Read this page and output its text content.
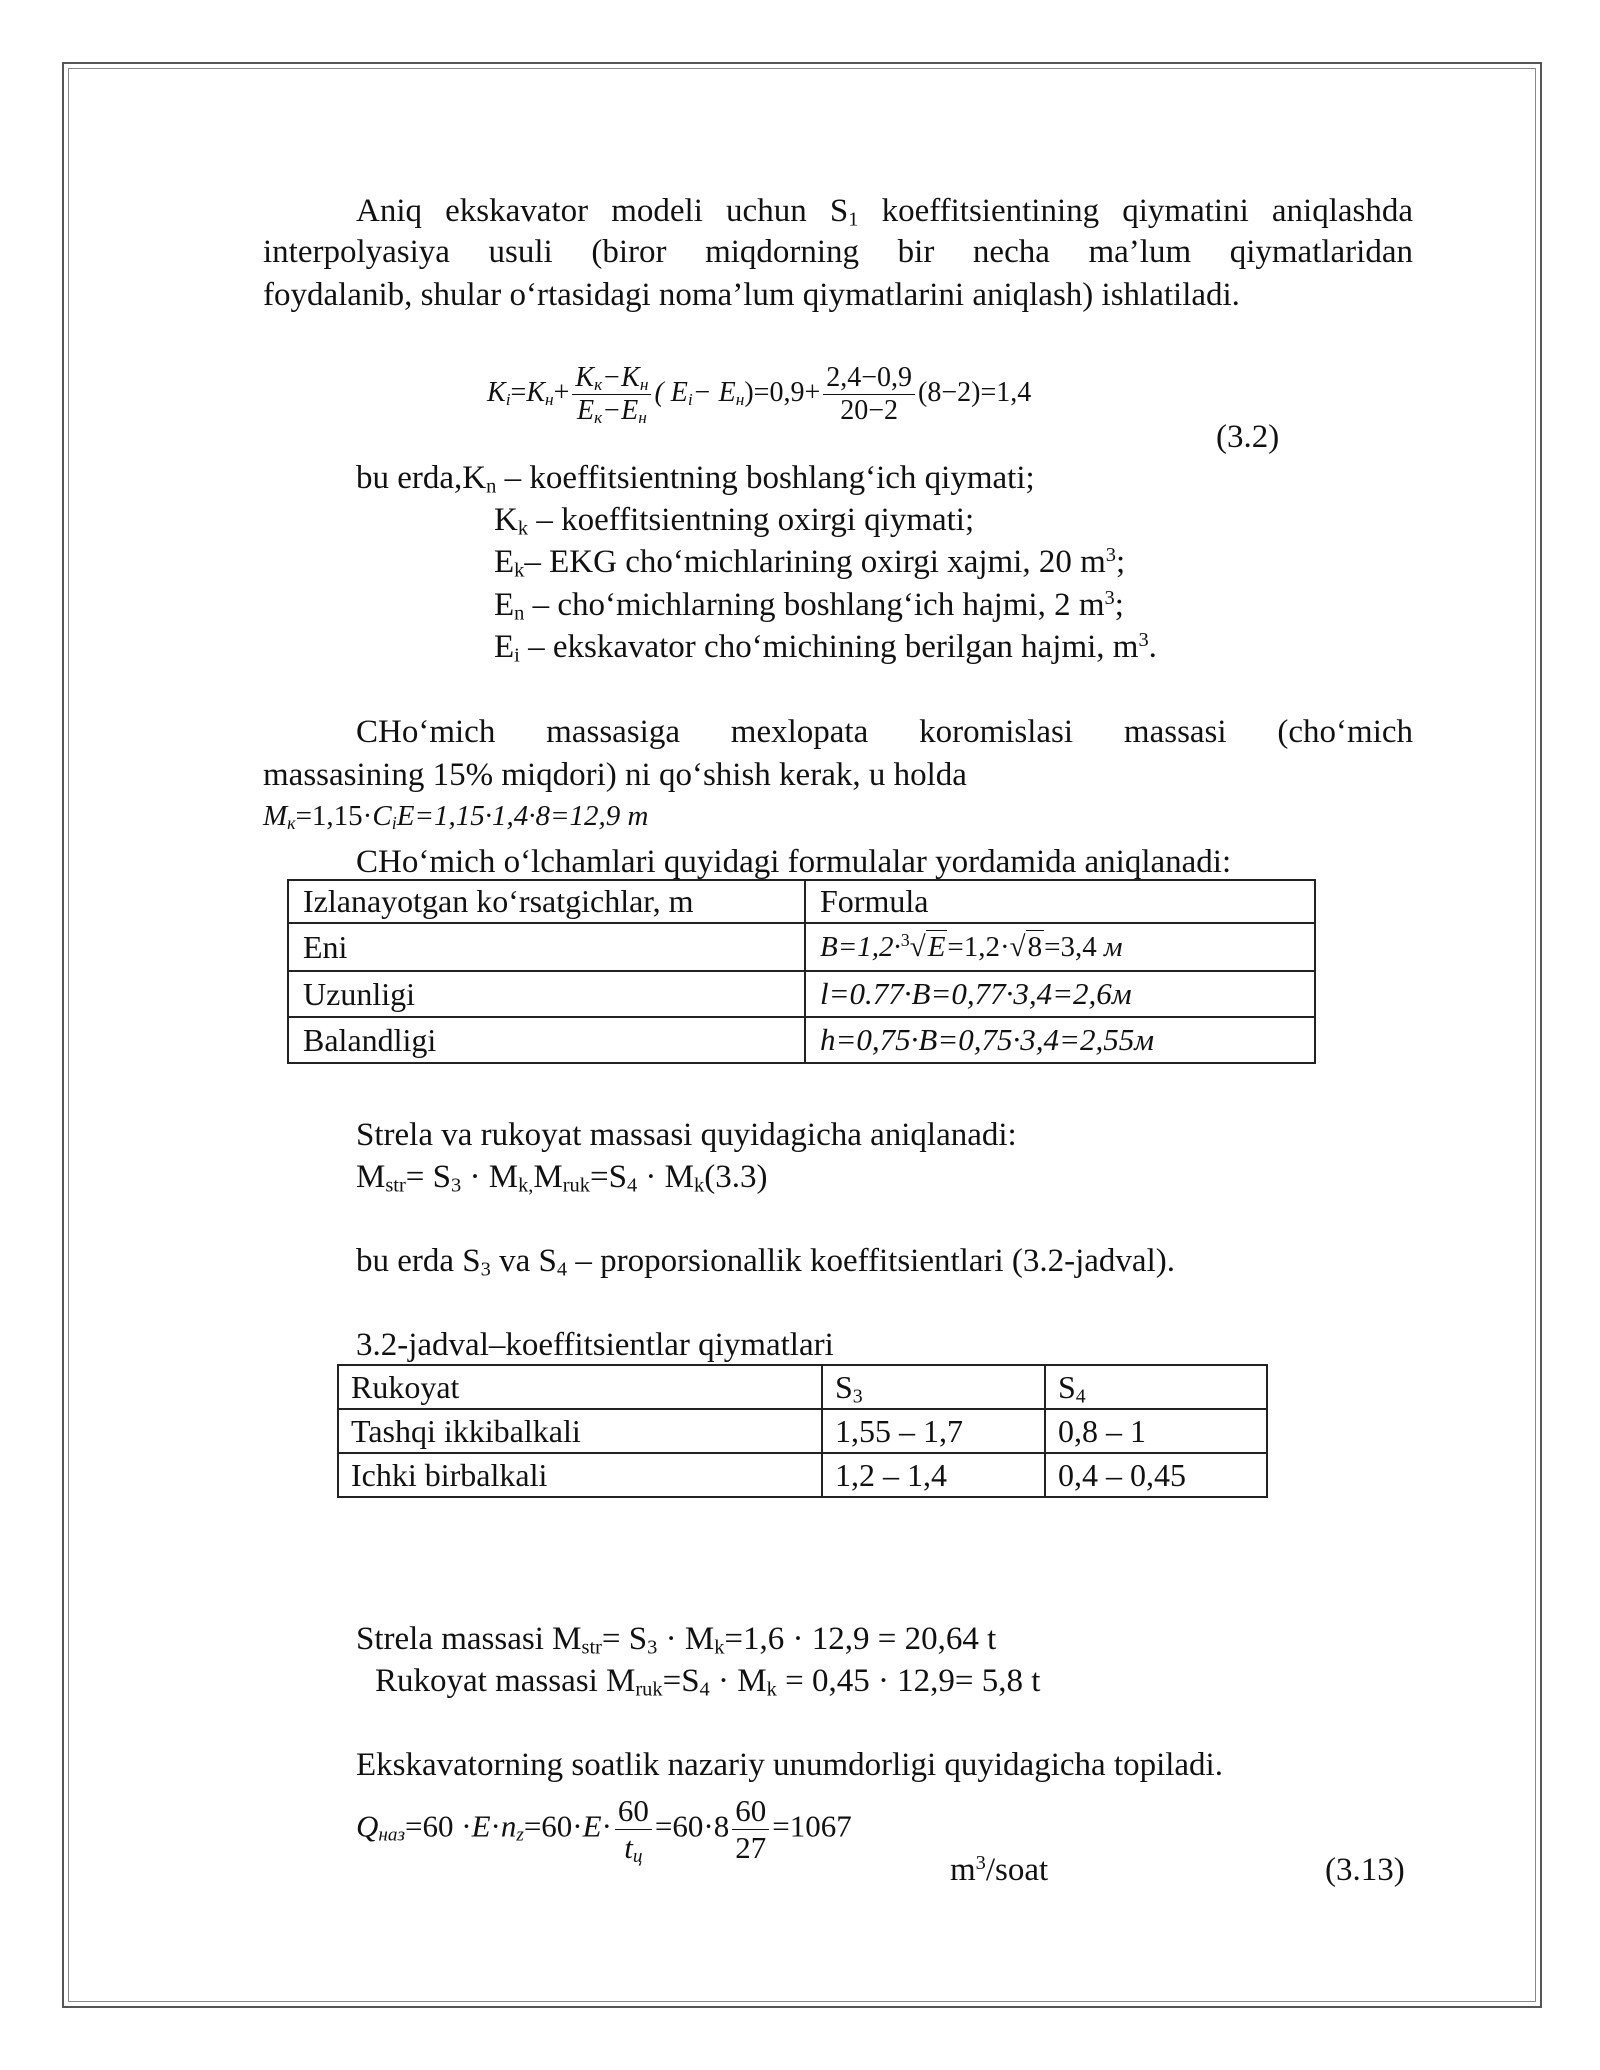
Aniq ekskavator modeli uchun $S_1$ koeffitsientining qiymatini aniqlashda
interpolyasiya usuli (biror miqdorning bir necha ma’lum qiymatlaridan
foydalanib, shular o‘rtasidagi noma’lum qiymatlarini aniqlash) ishlatiladi.
$K_i=K_н+ \frac{K_к-K_н}{E_к-E_н}$ ( $E_i- E_н)=0,9+ \frac{2,4-0,9}{20-2} (8-2)=1,4$
(3.2)
bu $erda,K_n$ – koeffitsientning boshlang‘ich qiymati;
$K_k$ – koeffitsientning oxirgi qiymati;
$E_k-$ EKG cho‘michlarining oxirgi xajmi, 20 $m^3$;
$E_n$ – cho‘michlarning boshlang‘ich hajmi, 2 $m^3$;
$E_i$ – ekskavator cho‘michining berilgan hajmi, $m^3$.
CHo‘mich massasiga mexlopata koromislasi massasi (cho‘mich
massasining 15% miqdori) ni qo‘shish kerak, u holda
$M_к=1,15\cdot C_iE=1,15\cdot 1,4\cdot 8=12,9$ m
CHo‘mich o‘lchamlari quyidagi formulalar yordamida aniqlanadi:
Izlanayotgan ko‘rsatgichlar, m	Formula
Eni	B=1,2·$^3$√E=1,2·√8=3,4 м
Uzunligi	l=0.77·B=0,77·3,4=2,6м
Balandligi	h=0,75·B=0,75·3,4=2,55м
Strela va rukoyat massasi quyidagicha aniqlanadi:
$M_{str}= S_3 \cdot M_{k,}M_{ruk}=S_4 \cdot M_k(3.3)$
bu erda $S_3$ va $S_4$ – proporsionallik koeffitsientlari (3.2-jadval).
3.2-jadval–koeffitsientlar qiymatlari
Rukoyat	$S_3$	$S_4$
Tashqi ikkibalkali	1,55 – 1,7	0,8 – 1
Ichki birbalkali	1,2 – 1,4	0,4 – 0,45
Strela massasi $M_{str}= S_3 \cdot M_k=1,6 \cdot 12,9 = 20,64$ t
Rukoyat massasi $M_{ruk}=S_4 \cdot M_k = 0,45 \cdot 12,9= 5,8$ t
Ekskavatorning soatlik nazariy unumdorligi quyidagicha topiladi.
$Q_{наз}=60 \cdot E\cdot n_z=60\cdot E\cdot \frac{60}{t_ц} =60\cdot 8 \frac{60}{27} =1067$
$m^3$/soat	(3.13)
